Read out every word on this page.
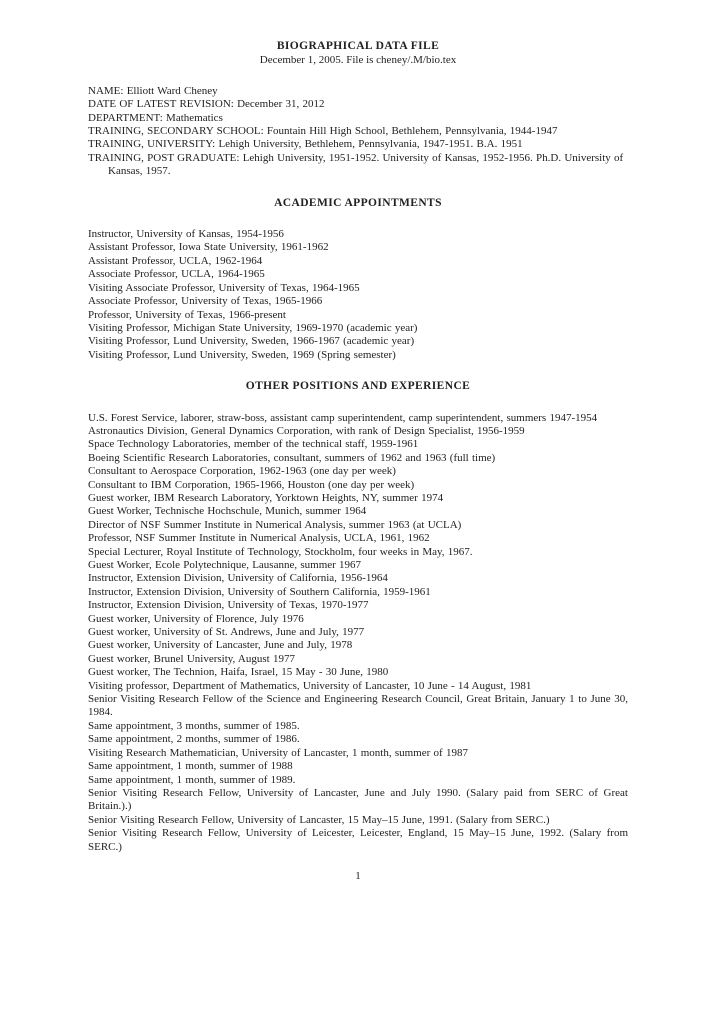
BIOGRAPHICAL DATA FILE
December 1, 2005. File is cheney/.M/bio.tex
NAME: Elliott Ward Cheney
DATE OF LATEST REVISION: December 31, 2012
DEPARTMENT: Mathematics
TRAINING, SECONDARY SCHOOL: Fountain Hill High School, Bethlehem, Pennsylvania, 1944-1947
TRAINING, UNIVERSITY: Lehigh University, Bethlehem, Pennsylvania, 1947-1951. B.A. 1951
TRAINING, POST GRADUATE: Lehigh University, 1951-1952. University of Kansas, 1952-1956. Ph.D. University of Kansas, 1957.
ACADEMIC APPOINTMENTS
Instructor, University of Kansas, 1954-1956
Assistant Professor, Iowa State University, 1961-1962
Assistant Professor, UCLA, 1962-1964
Associate Professor, UCLA, 1964-1965
Visiting Associate Professor, University of Texas, 1964-1965
Associate Professor, University of Texas, 1965-1966
Professor, University of Texas, 1966-present
Visiting Professor, Michigan State University, 1969-1970 (academic year)
Visiting Professor, Lund University, Sweden, 1966-1967 (academic year)
Visiting Professor, Lund University, Sweden, 1969 (Spring semester)
OTHER POSITIONS AND EXPERIENCE
U.S. Forest Service, laborer, straw-boss, assistant camp superintendent, camp superintendent, summers 1947-1954
Astronautics Division, General Dynamics Corporation, with rank of Design Specialist, 1956-1959
Space Technology Laboratories, member of the technical staff, 1959-1961
Boeing Scientific Research Laboratories, consultant, summers of 1962 and 1963 (full time)
Consultant to Aerospace Corporation, 1962-1963 (one day per week)
Consultant to IBM Corporation, 1965-1966, Houston (one day per week)
Guest worker, IBM Research Laboratory, Yorktown Heights, NY, summer 1974
Guest Worker, Technische Hochschule, Munich, summer 1964
Director of NSF Summer Institute in Numerical Analysis, summer 1963 (at UCLA)
Professor, NSF Summer Institute in Numerical Analysis, UCLA, 1961, 1962
Special Lecturer, Royal Institute of Technology, Stockholm, four weeks in May, 1967.
Guest Worker, Ecole Polytechnique, Lausanne, summer 1967
Instructor, Extension Division, University of California, 1956-1964
Instructor, Extension Division, University of Southern California, 1959-1961
Instructor, Extension Division, University of Texas, 1970-1977
Guest worker, University of Florence, July 1976
Guest worker, University of St. Andrews, June and July, 1977
Guest worker, University of Lancaster, June and July, 1978
Guest worker, Brunel University, August 1977
Guest worker, The Technion, Haifa, Israel, 15 May - 30 June, 1980
Visiting professor, Department of Mathematics, University of Lancaster, 10 June - 14 August, 1981
Senior Visiting Research Fellow of the Science and Engineering Research Council, Great Britain, January 1 to June 30, 1984.
Same appointment, 3 months, summer of 1985.
Same appointment, 2 months, summer of 1986.
Visiting Research Mathematician, University of Lancaster, 1 month, summer of 1987
Same appointment, 1 month, summer of 1988
Same appointment, 1 month, summer of 1989.
Senior Visiting Research Fellow, University of Lancaster, June and July 1990. (Salary paid from SERC of Great Britain.).)
Senior Visiting Research Fellow, University of Lancaster, 15 May–15 June, 1991. (Salary from SERC.)
Senior Visiting Research Fellow, University of Leicester, Leicester, England, 15 May–15 June, 1992. (Salary from SERC.)
1
